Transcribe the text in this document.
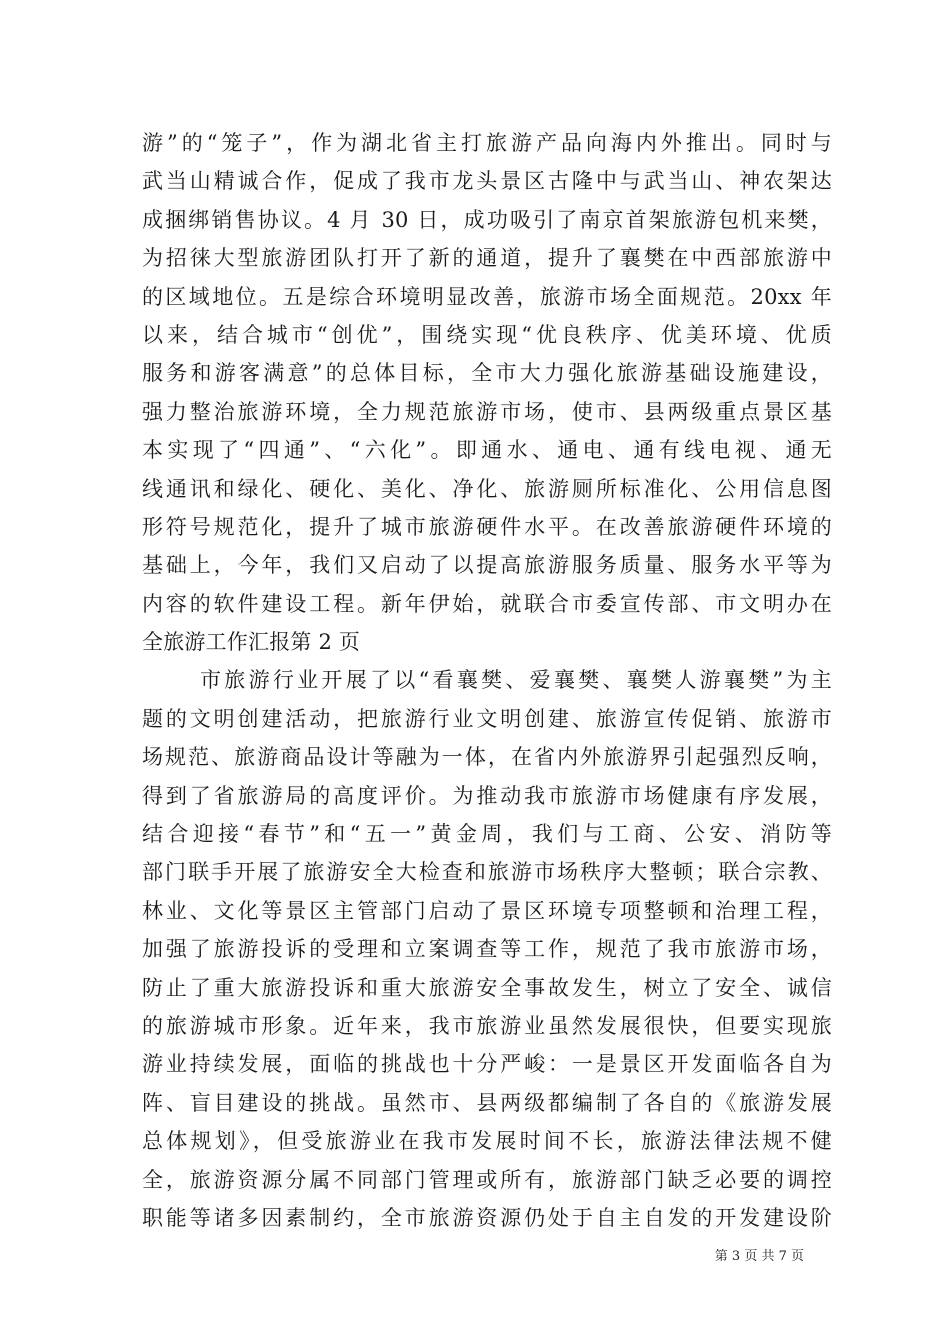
游”的“笼子”，作为湖北省主打旅游产品向海内外推出。同时与
武当山精诚合作，促成了我市龙头景区古隆中与武当山、神农架达
成捆绑销售协议。4 月 30 日，成功吸引了南京首架旅游包机来樊，
为招徕大型旅游团队打开了新的通道，提升了襄樊在中西部旅游中
的区域地位。五是综合环境明显改善，旅游市场全面规范。20xx 年
以来，结合城市“创优”，围绕实现“优良秩序、优美环境、优质
服务和游客满意”的总体目标，全市大力强化旅游基础设施建设，
强力整治旅游环境，全力规范旅游市场，使市、县两级重点景区基
本实现了“四通”、“六化”。即通水、通电、通有线电视、通无
线通讯和绿化、硬化、美化、净化、旅游厕所标准化、公用信息图
形符号规范化，提升了城市旅游硬件水平。在改善旅游硬件环境的
基础上，今年，我们又启动了以提高旅游服务质量、服务水平等为
内容的软件建设工程。新年伊始，就联合市委宣传部、市文明办在
全旅游工作汇报第 2 页
市旅游行业开展了以“看襄樊、爱襄樊、襄樊人游襄樊”为主
题的文明创建活动，把旅游行业文明创建、旅游宣传促销、旅游市
场规范、旅游商品设计等融为一体，在省内外旅游界引起强烈反响，
得到了省旅游局的高度评价。为推动我市旅游市场健康有序发展，
结合迎接“春节”和“五一”黄金周，我们与工商、公安、消防等
部门联手开展了旅游安全大检查和旅游市场秩序大整顿；联合宗教、
林业、文化等景区主管部门启动了景区环境专项整顿和治理工程，
加强了旅游投诉的受理和立案调查等工作，规范了我市旅游市场，
防止了重大旅游投诉和重大旅游安全事故发生，树立了安全、诚信
的旅游城市形象。近年来，我市旅游业虽然发展很快，但要实现旅
游业持续发展，面临的挑战也十分严峻：一是景区开发面临各自为
阵、盲目建设的挑战。虽然市、县两级都编制了各自的《旅游发展
总体规划》，但受旅游业在我市发展时间不长，旅游法律法规不健
全，旅游资源分属不同部门管理或所有，旅游部门缺乏必要的调控
职能等诸多因素制约，全市旅游资源仍处于自主自发的开发建设阶
第 3 页 共 7 页
